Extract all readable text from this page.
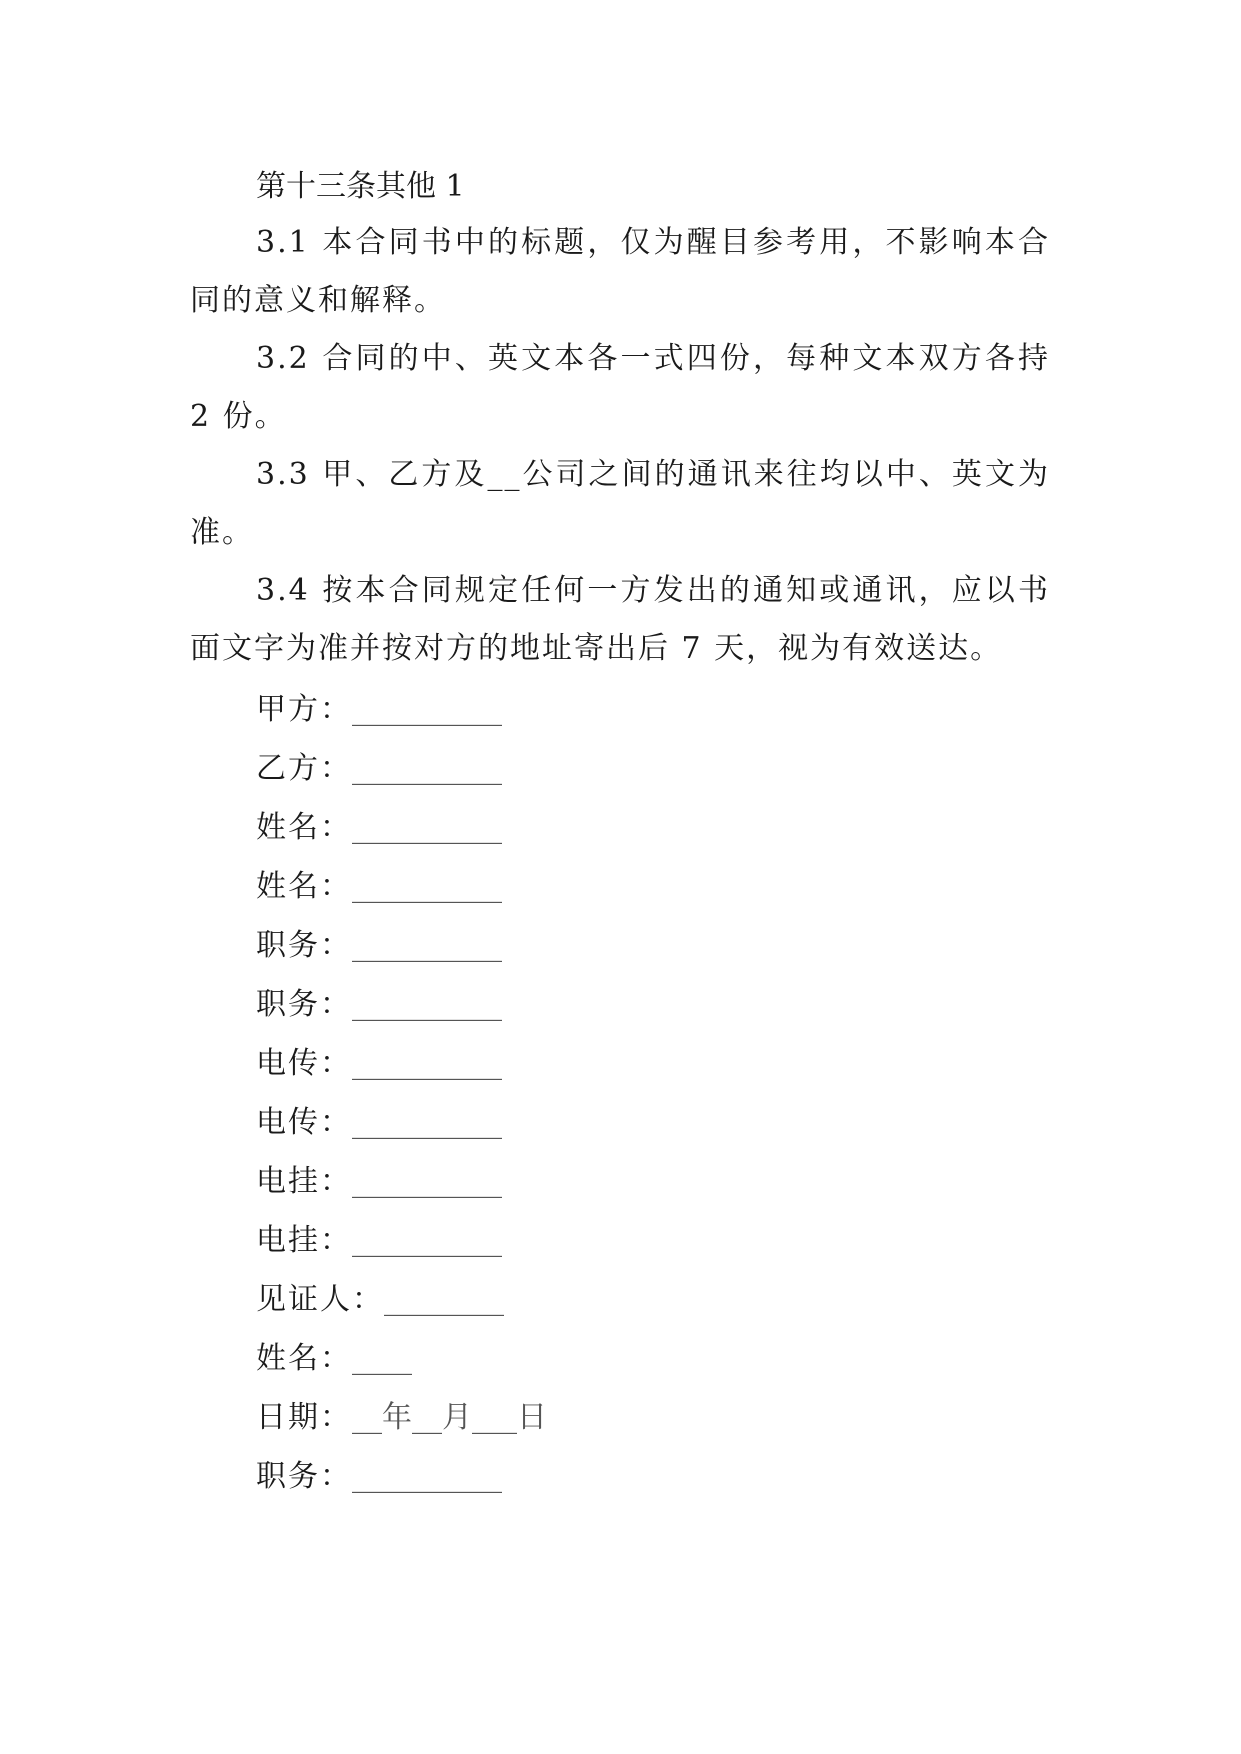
第十三条其他 1

3.1 本合同书中的标题，仅为醒目参考用，不影响本合同的意义和解释。

3.2 合同的中、英文本各一式四份，每种文本双方各持 2 份。

3.3 甲、乙方及__公司之间的通讯来往均以中、英文为准。

3.4 按本合同规定任何一方发出的通知或通讯，应以书面文字为准并按对方的地址寄出后 7 天，视为有效送达。

甲方：__________
乙方：__________
姓名：__________
姓名：__________
职务：__________
职务：__________
电传：__________
电传：__________
电挂：__________
电挂：__________
见证人：________
姓名：____
日期：__年__月___日
职务：__________
